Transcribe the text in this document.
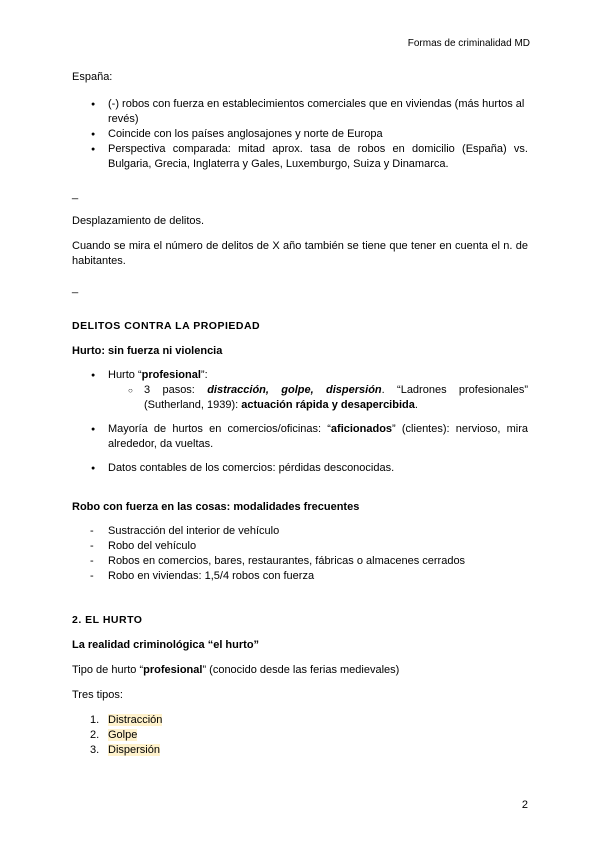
Formas de criminalidad MD

España:

● (-) robos con fuerza en establecimientos comerciales que en viviendas (más hurtos al revés)

● Coincide con los países anglosajones y norte de Europa

● Perspectiva comparada: mitad aprox. tasa de robos en domicilio (España) vs. Bulgaria, Grecia, Inglaterra y Gales, Luxemburgo, Suiza y Dinamarca.

_

Desplazamiento de delitos.

Cuando se mira el número de delitos de X año también se tiene que tener en cuenta el n. de habitantes.

_

DELITOS CONTRA LA PROPIEDAD

Hurto: sin fuerza ni violencia

● Hurto “profesional”:

○ 3 pasos: distracción, golpe, dispersión. “Ladrones profesionales” (Sutherland, 1939): actuación rápida y desapercibida.

● Mayoría de hurtos en comercios/oficinas: “aficionados” (clientes): nervioso, mira alrededor, da vueltas.

● Datos contables de los comercios: pérdidas desconocidas.

Robo con fuerza en las cosas: modalidades frecuentes

- Sustracción del interior de vehículo

- Robo del vehículo

- Robos en comercios, bares, restaurantes, fábricas o almacenes cerrados

- Robo en viviendas: 1,5/4 robos con fuerza

2. EL HURTO

La realidad criminológica “el hurto”

Tipo de hurto “profesional” (conocido desde las ferias medievales)

Tres tipos:

1. Distracción

2. Golpe

3. Dispersión

2
